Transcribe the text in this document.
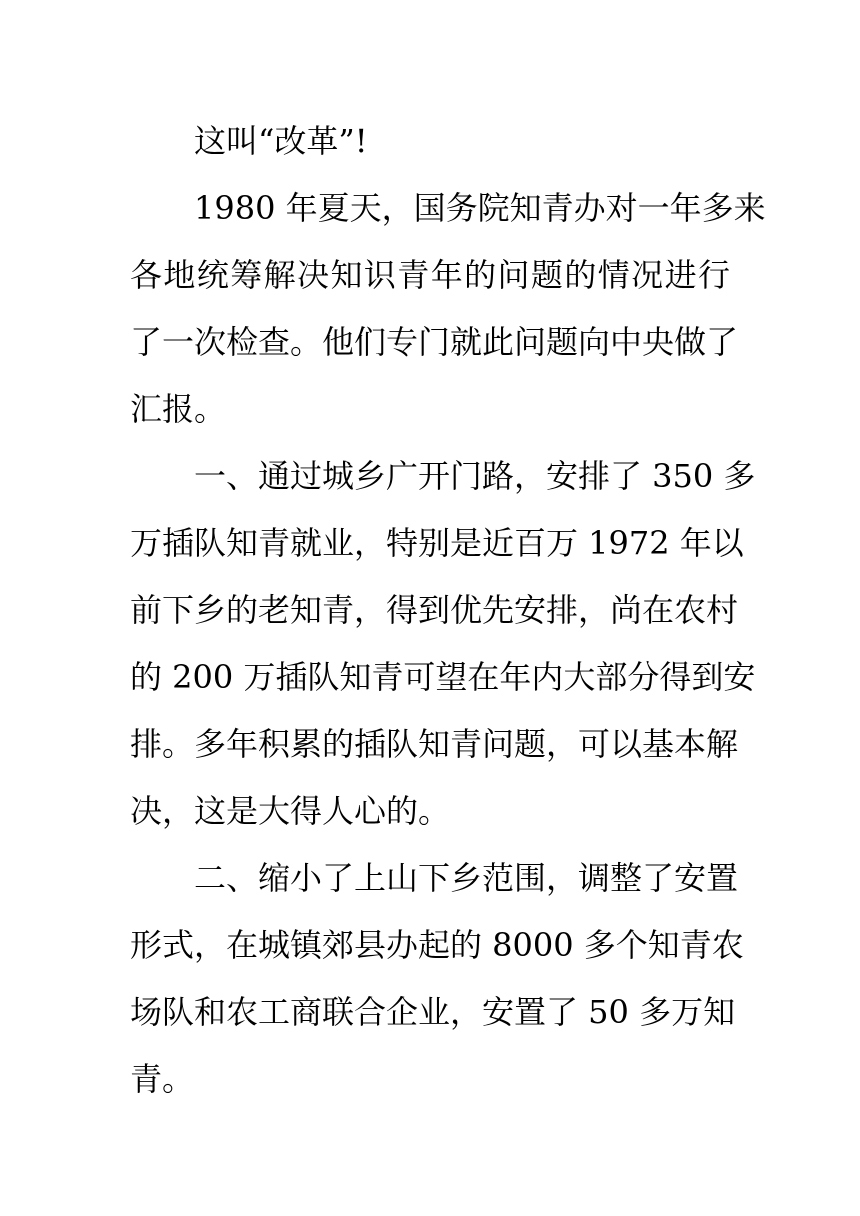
这叫“改革”!
1980 年夏天，国务院知青办对一年多来
各地统筹解决知识青年的问题的情况进行
了一次检查。他们专门就此问题向中央做了
汇报。
一、通过城乡广开门路，安排了 350 多
万插队知青就业，特别是近百万 1972 年以
前下乡的老知青，得到优先安排，尚在农村
的 200 万插队知青可望在年内大部分得到安
排。多年积累的插队知青问题，可以基本解
决，这是大得人心的。
二、缩小了上山下乡范围，调整了安置
形式，在城镇郊县办起的 8000 多个知青农
场队和农工商联合企业，安置了 50 多万知
青。
